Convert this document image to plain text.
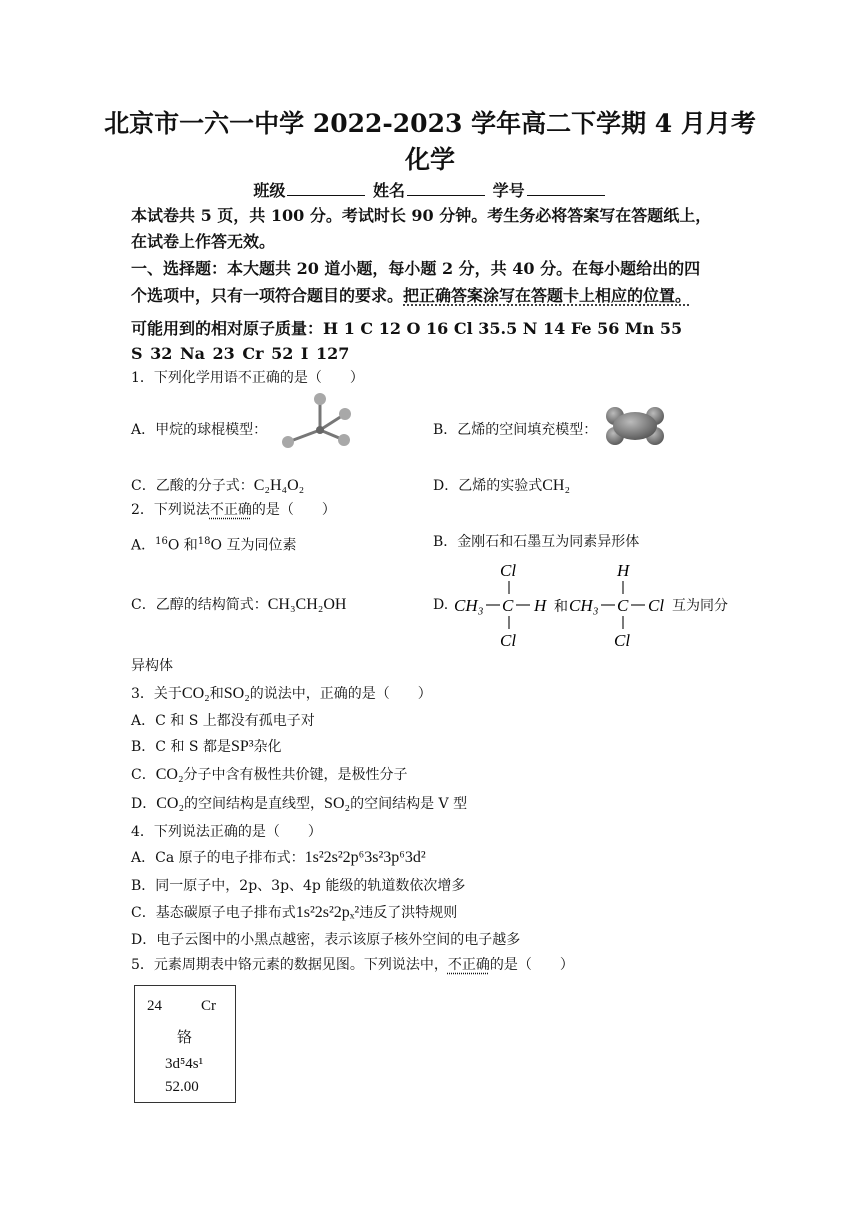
北京市一六一中学 2022-2023 学年高二下学期 4 月月考
化学
班级	姓名	学号
本试卷共 5 页，共 100 分。考试时长 90 分钟。考生务必将答案写在答题纸上，
在试卷上作答无效。
一、选择题：本大题共 20 道小题，每小题 2 分，共 40 分。在每小题给出的四
个选项中，只有一项符合题目的要求。把正确答案涂写在答题卡上相应的位置。
可能用到的相对原子质量：H 1 C 12 O 16 Cl 35.5 N 14 Fe 56 Mn 55
S 32 Na 23 Cr 52 I 127
1．下列化学用语不正确的是（　　）
A．甲烷的球棍模型：	B．乙烯的空间填充模型：
C．乙酸的分子式：C₂H₄O₂	D．乙烯的实验式CH₂
2．下列说法不正确的是（　　）
A．$^{16}$O 和$^{18}$O 互为同位素	B．金刚石和石墨互为同素异形体
C．乙醇的结构简式：CH₃CH₂OH	D.
Cl
CH₃ C H
Cl
和
H
CH₃ C Cl
Cl
互为同分
异构体
3．关于CO₂和SO₂的说法中，正确的是（　　）
A．C 和 S 上都没有孤电子对
B．C 和 S 都是SP³杂化
C．CO₂分子中含有极性共价键，是极性分子
D．CO₂的空间结构是直线型，SO₂的空间结构是 V 型
4．下列说法正确的是（　　）
A．Ca 原子的电子排布式：1s²2s²2p⁶3s²3p⁶3d²
B．同一原子中，2p、3p、4p 能级的轨道数依次增多
C．基态碳原子电子排布式1s²2s²2pₓ²违反了洪特规则
D．电子云图中的小黑点越密，表示该原子核外空间的电子越多
5．元素周期表中铬元素的数据见图。下列说法中，不正确的是（　　）
24	Cr
铬
3d⁵4s¹
52.00
